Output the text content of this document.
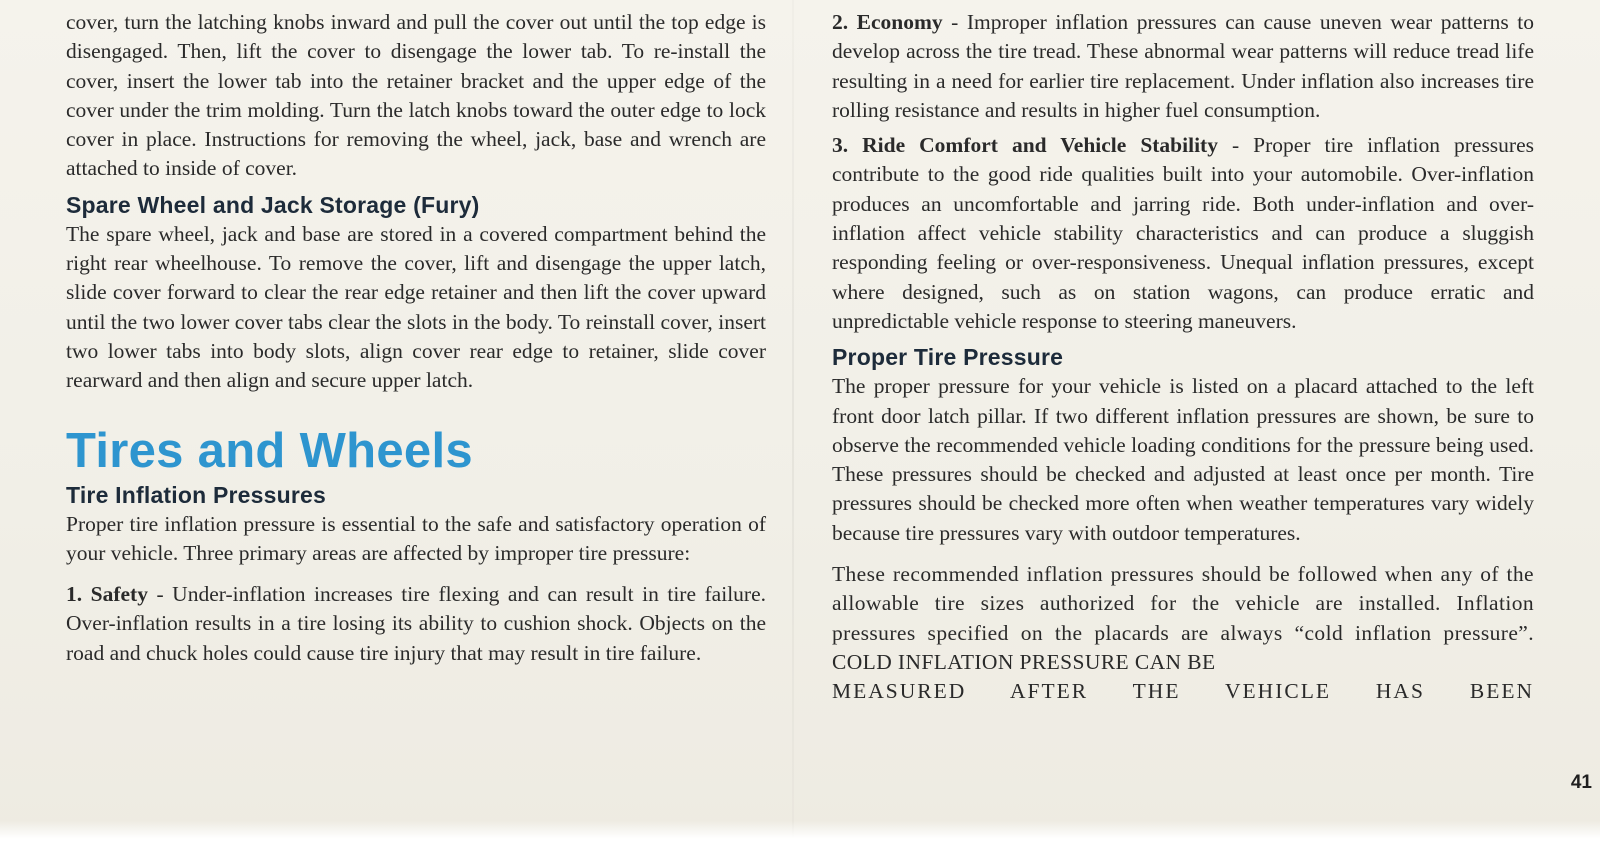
cover, turn the latching knobs inward and pull the cover out until the top edge is disengaged. Then, lift the cover to disengage the lower tab. To re-install the cover, insert the lower tab into the retainer bracket and the upper edge of the cover under the trim molding. Turn the latch knobs toward the outer edge to lock cover in place. Instructions for removing the wheel, jack, base and wrench are attached to inside of cover.

Spare Wheel and Jack Storage (Fury)

The spare wheel, jack and base are stored in a covered compartment behind the right rear wheelhouse. To remove the cover, lift and disengage the upper latch, slide cover forward to clear the rear edge retainer and then lift the cover upward until the two lower cover tabs clear the slots in the body. To reinstall cover, insert two lower tabs into body slots, align cover rear edge to retainer, slide cover rearward and then align and secure upper latch.

Tires and Wheels
Tire Inflation Pressures

Proper tire inflation pressure is essential to the safe and satisfactory operation of your vehicle. Three primary areas are affected by improper tire pressure:

1. Safety - Under-inflation increases tire flexing and can result in tire failure. Over-inflation results in a tire losing its ability to cushion shock. Objects on the road and chuck holes could cause tire injury that may result in tire failure.

2. Economy - Improper inflation pressures can cause uneven wear patterns to develop across the tire tread. These abnormal wear patterns will reduce tread life resulting in a need for earlier tire replacement. Under inflation also increases tire rolling resistance and results in higher fuel consumption.

3. Ride Comfort and Vehicle Stability - Proper tire inflation pressures contribute to the good ride qualities built into your automobile. Over-inflation produces an uncomfortable and jarring ride. Both under-inflation and over-inflation affect vehicle stability characteristics and can produce a sluggish responding feeling or over-responsiveness. Unequal inflation pressures, except where designed, such as on station wagons, can produce erratic and unpredictable vehicle response to steering maneuvers.

Proper Tire Pressure

The proper pressure for your vehicle is listed on a placard attached to the left front door latch pillar. If two different inflation pressures are shown, be sure to observe the recommended vehicle loading conditions for the pressure being used. These pressures should be checked and adjusted at least once per month. Tire pressures should be checked more often when weather temperatures vary widely because tire pressures vary with outdoor temperatures.

These recommended inflation pressures should be followed when any of the allowable tire sizes authorized for the vehicle are installed. Inflation pressures specified on the placards are always “cold inflation pressure”. COLD INFLATION PRESSURE CAN BE
MEASURED AFTER THE VEHICLE HAS BEEN

41
